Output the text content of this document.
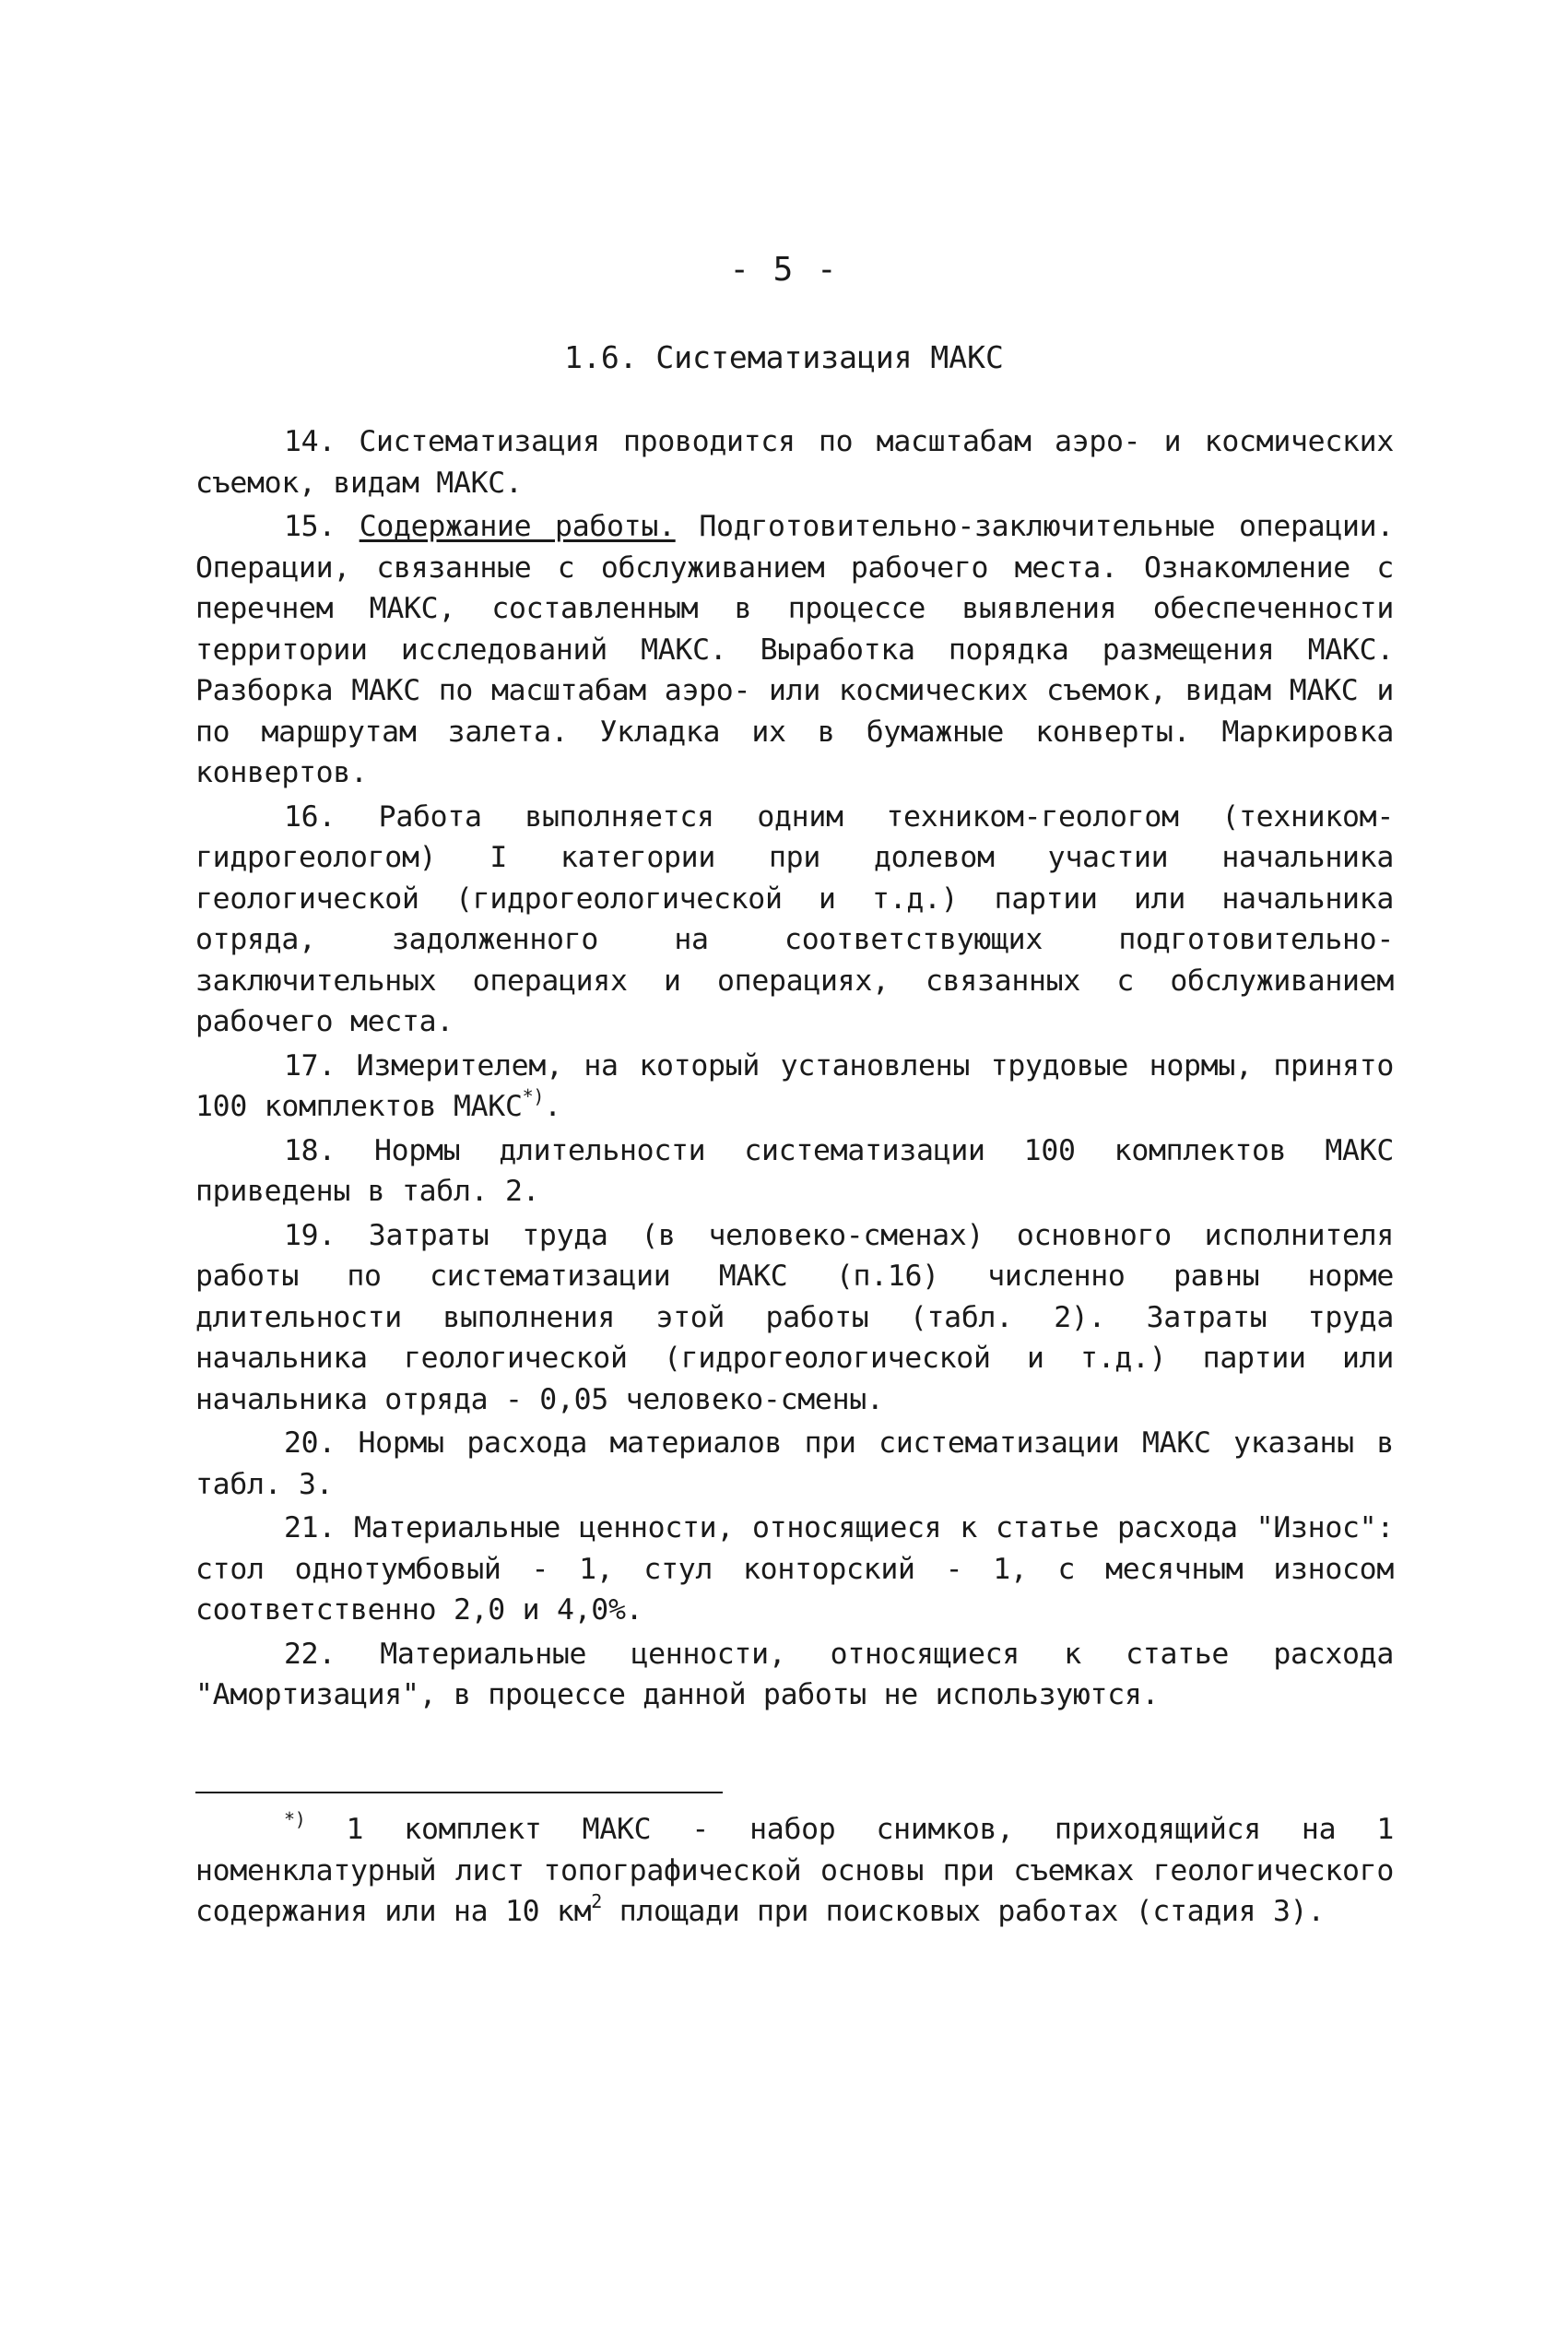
- 5 -
1.6. Систематизация МАКС

14. Систематизация проводится по масштабам аэро- и космических съемок, видам МАКС.

15. Содержание работы. Подготовительно-заключительные операции. Операции, связанные с обслуживанием рабочего места. Ознакомление с перечнем МАКС, составленным в процессе выявления обеспеченности территории исследований МАКС. Выработка порядка размещения МАКС. Разборка МАКС по масштабам аэро- или космических съемок, видам МАКС и по маршрутам залета. Укладка их в бумажные конверты. Маркировка конвертов.

16. Работа выполняется одним техником-геологом (техником-гидрогеологом) I категории при долевом участии начальника геологической (гидрогеологической и т.д.) партии или начальника отряда, задолженного на соответствующих подготовительно-заключительных операциях и операциях, связанных с обслуживанием рабочего места.

17. Измерителем, на который установлены трудовые нормы, принято 100 комплектов МАКС*).

18. Нормы длительности систематизации 100 комплектов МАКС приведены в табл. 2.

19. Затраты труда (в человеко-сменах) основного исполнителя работы по систематизации МАКС (п.16) численно равны норме длительности выполнения этой работы (табл. 2). Затраты труда начальника геологической (гидрогеологической и т.д.) партии или начальника отряда - 0,05 человеко-смены.

20. Нормы расхода материалов при систематизации МАКС указаны в табл. 3.

21. Материальные ценности, относящиеся к статье расхода "Износ": стол однотумбовый - 1, стул конторский - 1, с месячным износом соответственно 2,0 и 4,0%.

22. Материальные ценности, относящиеся к статье расхода "Амортизация", в процессе данной работы не используются.

*) 1 комплект МАКС - набор снимков, приходящийся на 1 номенклатурный лист топографической основы при съемках геологического содержания или на 10 $км^2$ площади при поисковых работах (стадия 3).
